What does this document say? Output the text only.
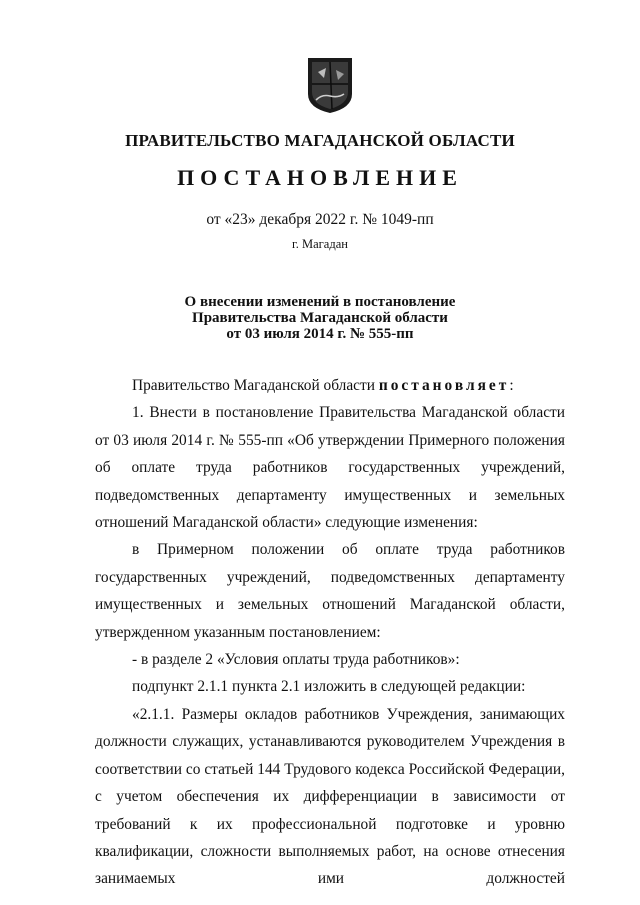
ПРАВИТЕЛЬСТВО МАГАДАНСКОЙ ОБЛАСТИ
ПОСТАНОВЛЕНИЕ
от «23» декабря 2022 г. № 1049-пп
г. Магадан
О внесении изменений в постановление
Правительства Магаданской области
от 03 июля 2014 г. № 555-пп

Правительство Магаданской области постановляет:

1. Внести в постановление Правительства Магаданской области от 03 июля 2014 г. № 555-пп «Об утверждении Примерного положения об оплате труда работников государственных учреждений, подведомственных департаменту имущественных и земельных отношений Магаданской области» следующие изменения:

в Примерном положении об оплате труда работников государственных учреждений, подведомственных департаменту имущественных и земельных отношений Магаданской области, утвержденном указанным постановлением:

- в разделе 2 «Условия оплаты труда работников»:

подпункт 2.1.1 пункта 2.1 изложить в следующей редакции:

«2.1.1. Размеры окладов работников Учреждения, занимающих должности служащих, устанавливаются руководителем Учреждения в соответствии со статьей 144 Трудового кодекса Российской Федерации, с учетом обеспечения их дифференциации в зависимости от требований к их профессиональной подготовке и уровню квалификации, сложности выполняемых работ, на основе отнесения занимаемых ими должностей
